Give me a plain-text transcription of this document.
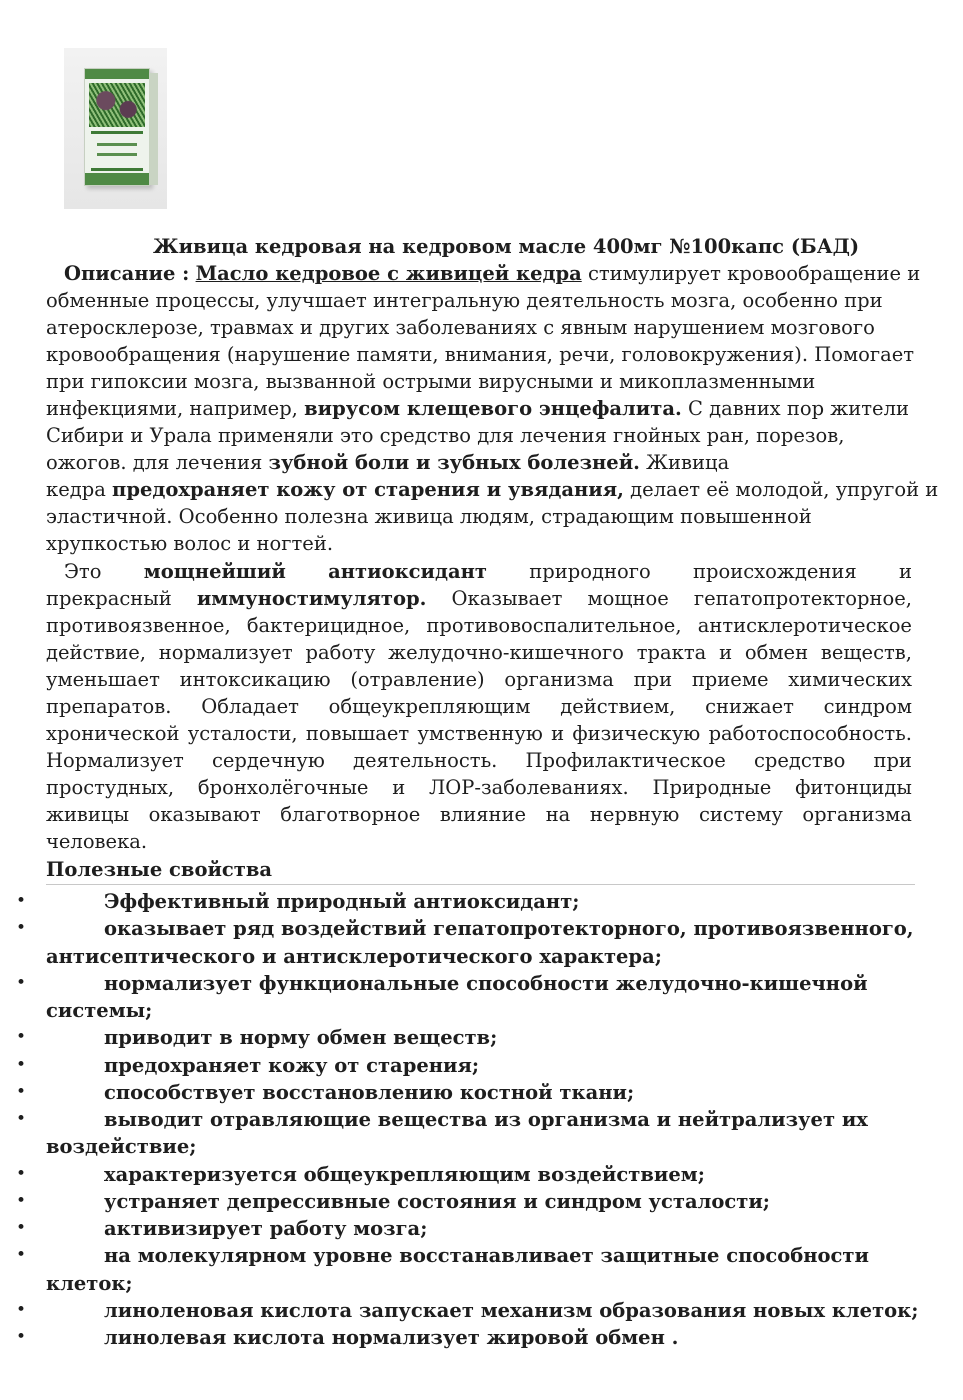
Живица кедровая на кедровом масле 400мг №100капс (БАД)
Описание : Масло кедровое с живицей кедра стимулирует кровообращение и
обменные процессы, улучшает интегральную деятельность мозга, особенно при
атеросклерозе, травмах и других заболеваниях с явным нарушением мозгового
кровообращения (нарушение памяти, внимания, речи, головокружения). Помогает
при гипоксии мозга, вызванной острыми вирусными и микоплазменными
инфекциями, например, вирусом клещевого энцефалита. С давних пор жители
Сибири и Урала применяли это средство для лечения гнойных ран, порезов,
ожогов. для лечения зубной боли и зубных болезней. Живица
кедра предохраняет кожу от старения и увядания, делает её молодой, упругой и
эластичной. Особенно полезна живица людям, страдающим повышенной
хрупкостью волос и ногтей.
Это мощнейший антиоксидант природного происхождения и
прекрасный иммуностимулятор. Оказывает мощное гепатопротекторное,
противоязвенное, бактерицидное, противовоспалительное, антисклеротическое
действие, нормализует работу желудочно-кишечного тракта и обмен веществ,
уменьшает интоксикацию (отравление) организма при приеме химических
препаратов. Обладает общеукрепляющим действием, снижает синдром
хронической усталости, повышает умственную и физическую работоспособность.
Нормализует сердечную деятельность. Профилактическое средство при
простудных, бронхолёгочные и ЛОР-заболеваниях. Природные фитонциды
живицы оказывают благотворное влияние на нервную систему организма
человека.
Полезные свойства
•	Эффективный природный антиоксидант;
•	оказывает ряд воздействий гепатопротекторного, противоязвенного,
антисептического и антисклеротического характера;
•	нормализует функциональные способности желудочно-кишечной
системы;
•	приводит в норму обмен веществ;
•	предохраняет кожу от старения;
•	способствует восстановлению костной ткани;
•	выводит отравляющие вещества из организма и нейтрализует их
воздействие;
•	характеризуется общеукрепляющим воздействием;
•	устраняет депрессивные состояния и синдром усталости;
•	активизирует работу мозга;
•	на молекулярном уровне восстанавливает защитные способности
клеток;
•	линоленовая кислота запускает механизм образования новых клеток;
•	линолевая кислота нормализует жировой обмен .
